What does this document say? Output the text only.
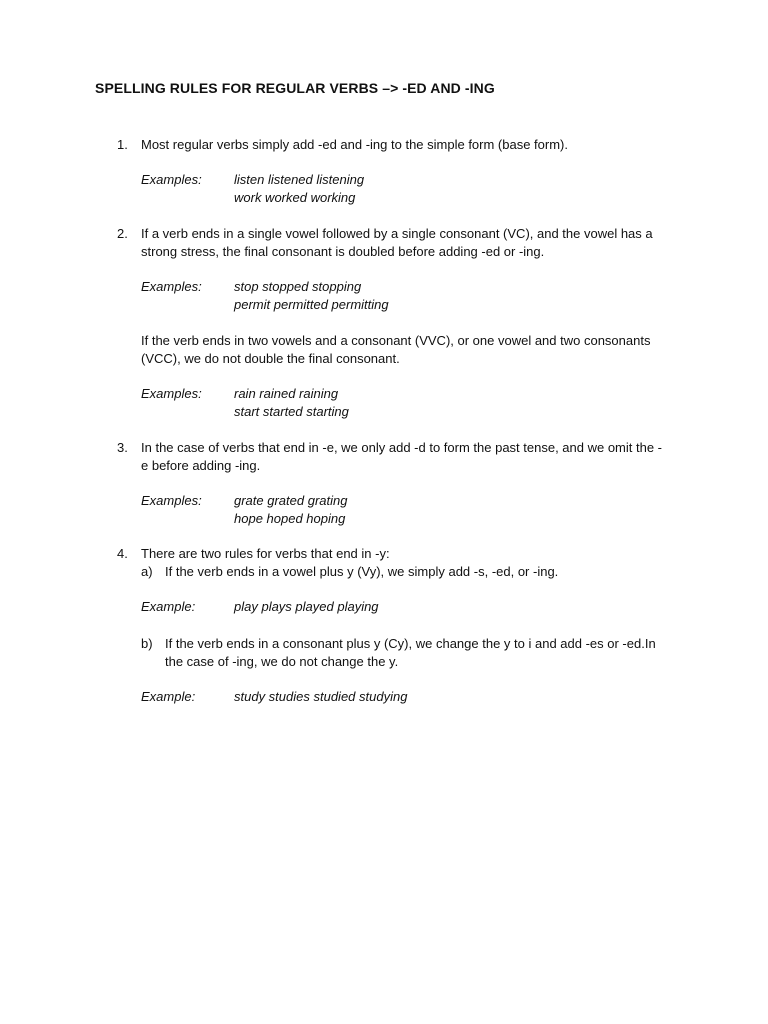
SPELLING RULES FOR REGULAR VERBS –> -ED AND -ING
1. Most regular verbs simply add -ed and -ing to the simple form (base form).
Examples: listen listened listening
work worked working
2. If a verb ends in a single vowel followed by a single consonant (VC), and the vowel has a
strong stress, the final consonant is doubled before adding -ed or -ing.
Examples: stop stopped stopping
permit permitted permitting
If the verb ends in two vowels and a consonant (VVC), or one vowel and two consonants
(VCC), we do not double the final consonant.
Examples: rain rained raining
start started starting
3. In the case of verbs that end in -e, we only add -d to form the past tense, and we omit the -
e before adding -ing.
Examples: grate grated grating
hope hoped hoping
4. There are two rules for verbs that end in -y:
a) If the verb ends in a vowel plus y (Vy), we simply add -s, -ed, or -ing.
Example:	play plays played playing
b) If the verb ends in a consonant plus y (Cy), we change the y to i and add -es or -ed.In
the case of -ing, we do not change the y.
Example:	study studies studied studying
